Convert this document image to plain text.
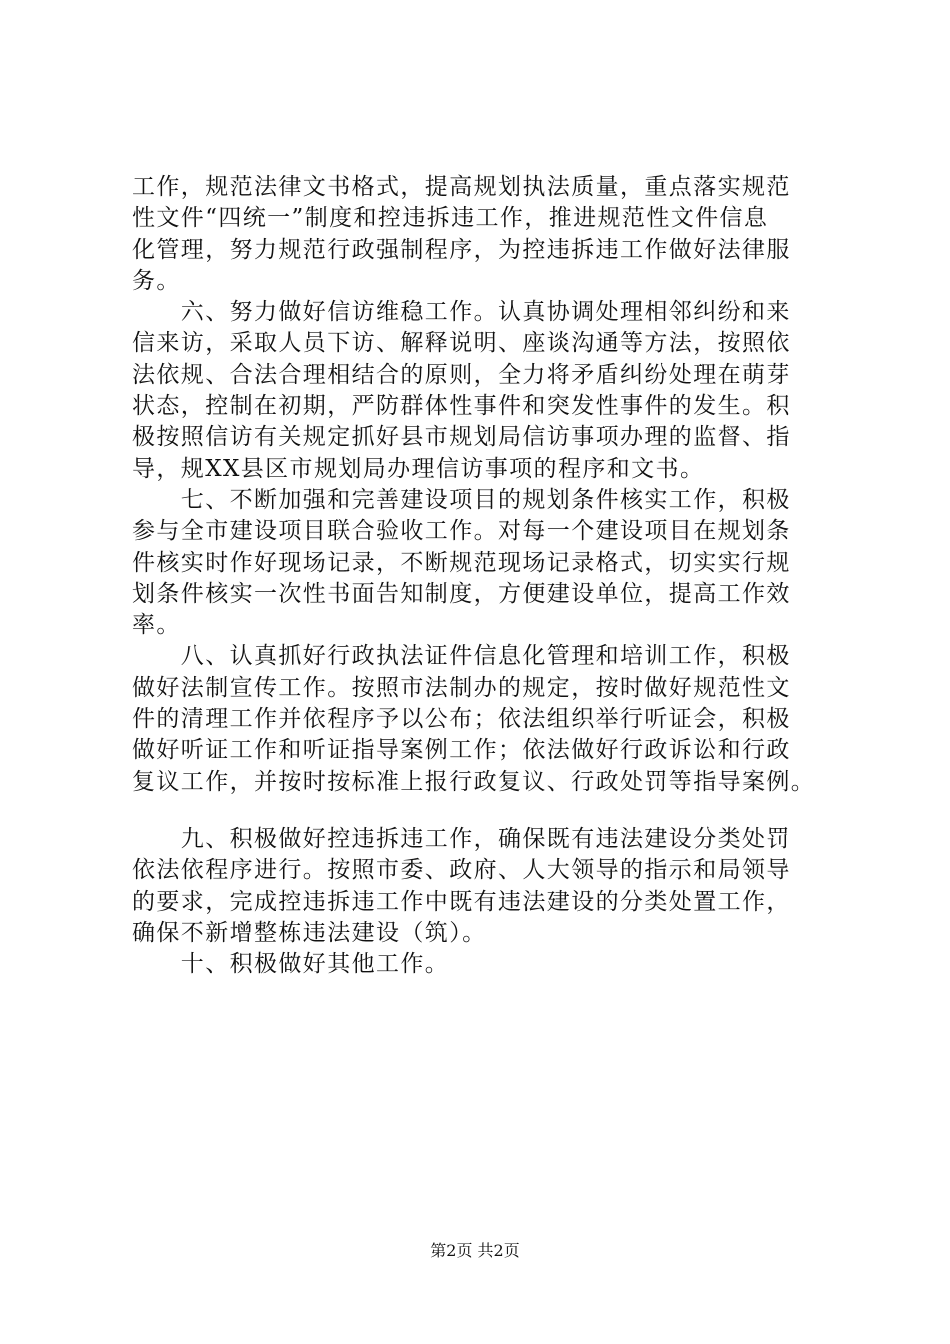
工作，规范法律文书格式，提高规划执法质量，重点落实规范
性文件“四统一”制度和控违拆违工作，推进规范性文件信息
化管理，努力规范行政强制程序，为控违拆违工作做好法律服
务。
　　六、努力做好信访维稳工作。认真协调处理相邻纠纷和来
信来访，采取人员下访、解释说明、座谈沟通等方法，按照依
法依规、合法合理相结合的原则，全力将矛盾纠纷处理在萌芽
状态，控制在初期，严防群体性事件和突发性事件的发生。积
极按照信访有关规定抓好县市规划局信访事项办理的监督、指
导，规XX县区市规划局办理信访事项的程序和文书。
　　七、不断加强和完善建设项目的规划条件核实工作，积极
参与全市建设项目联合验收工作。对每一个建设项目在规划条
件核实时作好现场记录，不断规范现场记录格式，切实实行规
划条件核实一次性书面告知制度，方便建设单位，提高工作效
率。
　　八、认真抓好行政执法证件信息化管理和培训工作，积极
做好法制宣传工作。按照市法制办的规定，按时做好规范性文
件的清理工作并依程序予以公布；依法组织举行听证会，积极
做好听证工作和听证指导案例工作；依法做好行政诉讼和行政
复议工作，并按时按标准上报行政复议、行政处罚等指导案例。
　　九、积极做好控违拆违工作，确保既有违法建设分类处罚
依法依程序进行。按照市委、政府、人大领导的指示和局领导
的要求，完成控违拆违工作中既有违法建设的分类处置工作，
确保不新增整栋违法建设（筑）。
　　十、积极做好其他工作。
第2页 共2页
